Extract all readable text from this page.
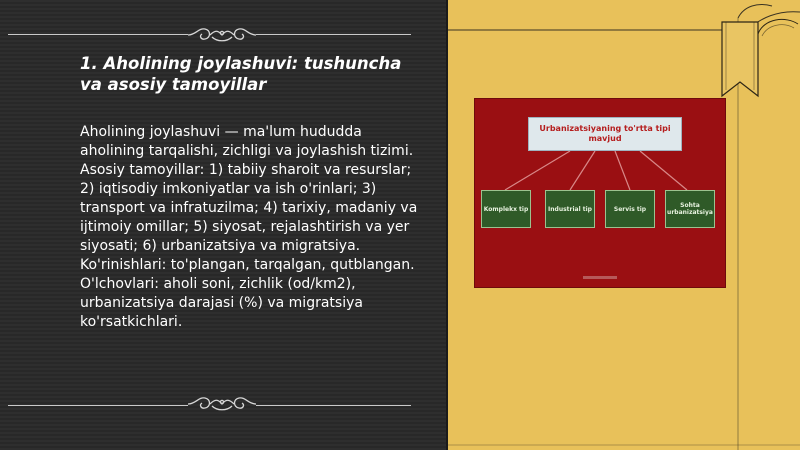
1. Aholining joylashuvi: tushuncha va asosiy tamoyillar
Aholining joylashuvi — ma'lum hududda aholining tarqalishi, zichligi va joylashish tizimi. Asosiy tamoyillar: 1) tabiiy sharoit va resurslar; 2) iqtisodiy imkoniyatlar va ish o'rinlari; 3) transport va infratuzilma; 4) tarixiy, madaniy va ijtimoiy omillar; 5) siyosat, rejalashtirish va yer siyosati; 6) urbanizatsiya va migratsiya. Ko'rinishlari: to'plangan, tarqalgan, qutblangan. O'lchovlari: aholi soni, zichlik (od/km2), urbanizatsiya darajasi (%) va migratsiya ko'rsatkichlari.
Urbanizatsiyaning to'rtta tipi mavjud
Komplekx tip	Industrial tip	Servis tip	Sohta urbanizatsiya
